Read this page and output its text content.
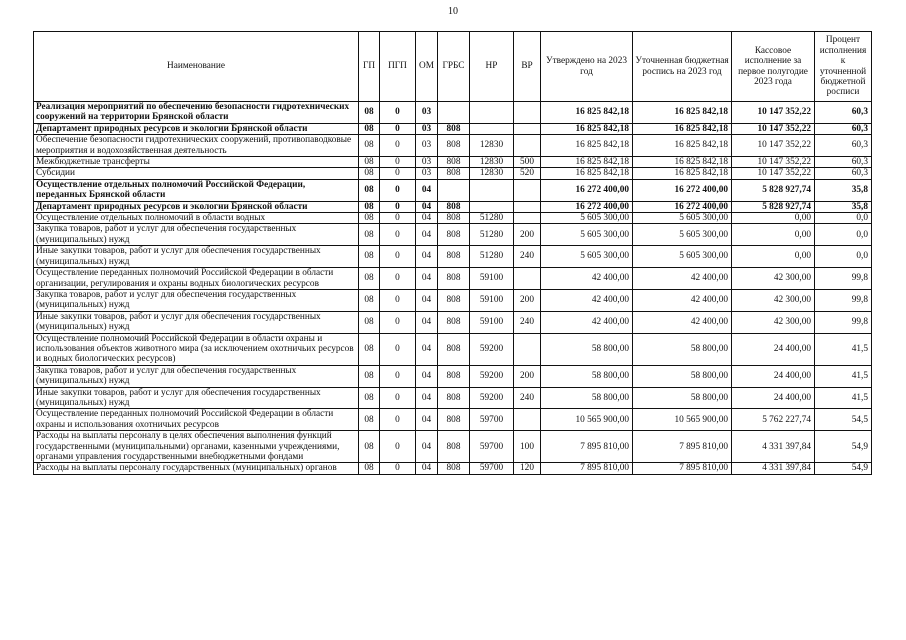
10
Наименование	ГП	ПГП	ОМ	ГРБС	НР	ВР	Утверждено на 2023 год	Уточненная бюджетная роспись на 2023 год	Кассовое исполнение за первое полугодие 2023 года	Процент исполнения к уточненной бюджетной росписи
Реализация мероприятий по обеспечению безопасности гидротехнических сооружений на территории Брянской области	08	0	03				16 825 842,18	16 825 842,18	10 147 352,22	60,3
Департамент природных ресурсов и экологии Брянской области	08	0	03	808			16 825 842,18	16 825 842,18	10 147 352,22	60,3
Обеспечение безопасности гидротехнических сооружений, противопаводковые мероприятия и водохозяйственная деятельность	08	0	03	808	12830		16 825 842,18	16 825 842,18	10 147 352,22	60,3
Межбюджетные трансферты	08	0	03	808	12830	500	16 825 842,18	16 825 842,18	10 147 352,22	60,3
Субсидии	08	0	03	808	12830	520	16 825 842,18	16 825 842,18	10 147 352,22	60,3
Осуществление отдельных полномочий Российской Федерации, переданных Брянской области	08	0	04				16 272 400,00	16 272 400,00	5 828 927,74	35,8
Департамент природных ресурсов и экологии Брянской области	08	0	04	808			16 272 400,00	16 272 400,00	5 828 927,74	35,8
Осуществление отдельных полномочий в области водных	08	0	04	808	51280		5 605 300,00	5 605 300,00	0,00	0,0
Закупка товаров, работ и услуг для обеспечения государственных (муниципальных) нужд	08	0	04	808	51280	200	5 605 300,00	5 605 300,00	0,00	0,0
Иные закупки товаров, работ и услуг для обеспечения государственных (муниципальных) нужд	08	0	04	808	51280	240	5 605 300,00	5 605 300,00	0,00	0,0
Осуществление переданных полномочий Российской Федерации в области организации, регулирования и охраны водных биологических ресурсов	08	0	04	808	59100		42 400,00	42 400,00	42 300,00	99,8
Закупка товаров, работ и услуг для обеспечения государственных (муниципальных) нужд	08	0	04	808	59100	200	42 400,00	42 400,00	42 300,00	99,8
Иные закупки товаров, работ и услуг для обеспечения государственных (муниципальных) нужд	08	0	04	808	59100	240	42 400,00	42 400,00	42 300,00	99,8
Осуществление полномочий Российской Федерации в области охраны и использования объектов животного мира (за исключением охотничьих ресурсов и водных биологических ресурсов)	08	0	04	808	59200		58 800,00	58 800,00	24 400,00	41,5
Закупка товаров, работ и услуг для обеспечения государственных (муниципальных) нужд	08	0	04	808	59200	200	58 800,00	58 800,00	24 400,00	41,5
Иные закупки товаров, работ и услуг для обеспечения государственных (муниципальных) нужд	08	0	04	808	59200	240	58 800,00	58 800,00	24 400,00	41,5
Осуществление переданных полномочий Российской Федерации в области охраны и использования охотничьих ресурсов	08	0	04	808	59700		10 565 900,00	10 565 900,00	5 762 227,74	54,5
Расходы на выплаты персоналу в целях обеспечения выполнения функций государственными (муниципальными) органами, казенными учреждениями, органами управления государственными внебюджетными фондами	08	0	04	808	59700	100	7 895 810,00	7 895 810,00	4 331 397,84	54,9
Расходы на выплаты персоналу государственных (муниципальных) органов	08	0	04	808	59700	120	7 895 810,00	7 895 810,00	4 331 397,84	54,9
